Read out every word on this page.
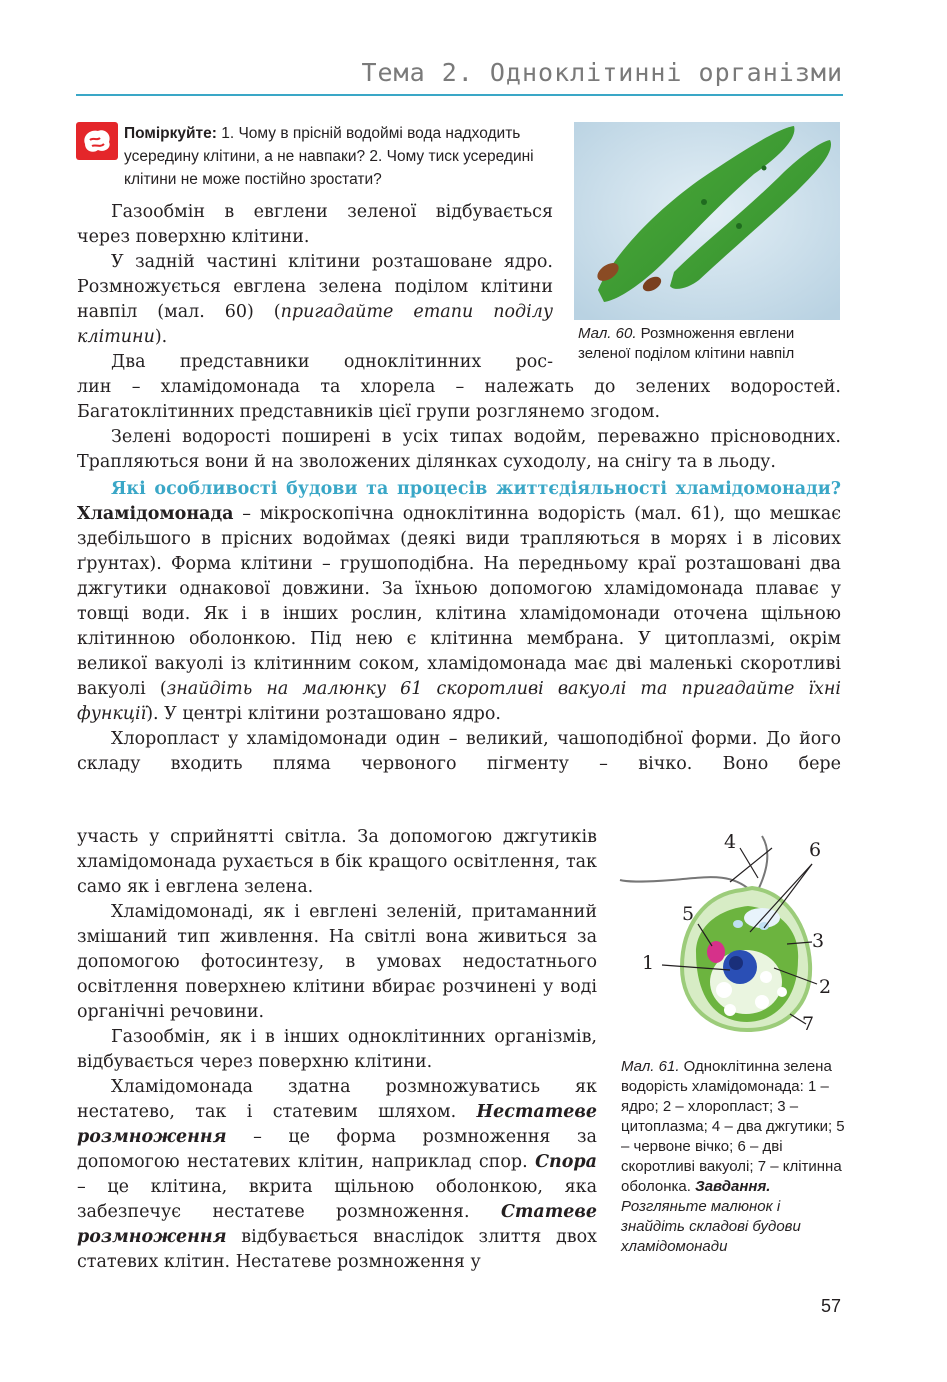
Тема 2. Одноклітинні організми
Поміркуйте: 1. Чому в прісній водоймі вода надходить усередину клітини, а не навпаки? 2. Чому тиск усередині клітини не може постійно зростати?
Мал. 60. Розмноження евглени зеленої поділом клітини навпіл

Газообмін в евглени зеленої відбувається через поверхню клітини.

У задній частині клітини розташоване ядро. Розмножується евглена зелена поділом клітини навпіл (мал. 60) (пригадайте етапи поділу клітини).

Два представники одноклітинних рос-

лин – хламідомонада та хлорела – належать до зелених водоростей. Багатоклітинних представників цієї групи розглянемо згодом.

Зелені водорості поширені в усіх типах водойм, переважно прісноводних. Трапляються вони й на зволожених ділянках суходолу, на снігу та в льоду.

Які особливості будови та процесів життєдіяльності хламідомонади? Хламідомонада – мікроскопічна одноклітинна водорість (мал. 61), що мешкає здебільшого в прісних водоймах (деякі види трапляються в морях і в лісових ґрунтах). Форма клітини – грушоподібна. На передньому краї розташовані два джгутики однакової довжини. За їхньою допомогою хламідомонада плаває у товщі води. Як і в інших рослин, клітина хламідомонади оточена щільною клітинною оболонкою. Під нею є клітинна мембрана. У цитоплазмі, окрім великої вакуолі із клітинним соком, хламідомонада має дві маленькі скоротливі вакуолі (знайдіть на малюнку 61 скоротливі вакуолі та пригадайте їхні функції). У центрі клітини розташовано ядро.

Хлоропласт у хламідомонади один – великий, чашоподібної форми. До його складу входить пляма червоного пігменту – вічко. Воно бере

участь у сприйнятті світла. За допомогою джгутиків хламідомонада рухається в бік кращого освітлення, так само як і евглена зелена.

Хламідомонаді, як і евглені зеленій, притаманний змішаний тип живлення. На світлі вона живиться за допомогою фотосинтезу, в умовах недостатнього освітлення поверхнею клітини вбирає розчинені у воді органічні речовини.

Газообмін, як і в інших одноклітинних організмів, відбувається через поверхню клітини.

Хламідомонада здатна розмножуватись як нестатево, так і статевим шляхом. Нестатеве розмноження – це форма розмноження за допомогою нестатевих клітин, наприклад спор. Спора – це клітина, вкрита щільною оболонкою, яка забезпечує нестатеве розмноження. Статеве розмноження відбувається внаслідок злиття двох статевих клітин. Нестатеве розмноження у

4	6
5
3
1
2
7
Мал. 61. Одноклітинна зелена водорість хламідомонада: 1 – ядро; 2 – хлоропласт; 3 – цитоплазма; 4 – два джгутики; 5 – червоне вічко; 6 – дві скоротливі вакуолі; 7 – клітинна оболонка. Завдання. Розгляньте малюнок і знайдіть складові будови хламідомонади
57
